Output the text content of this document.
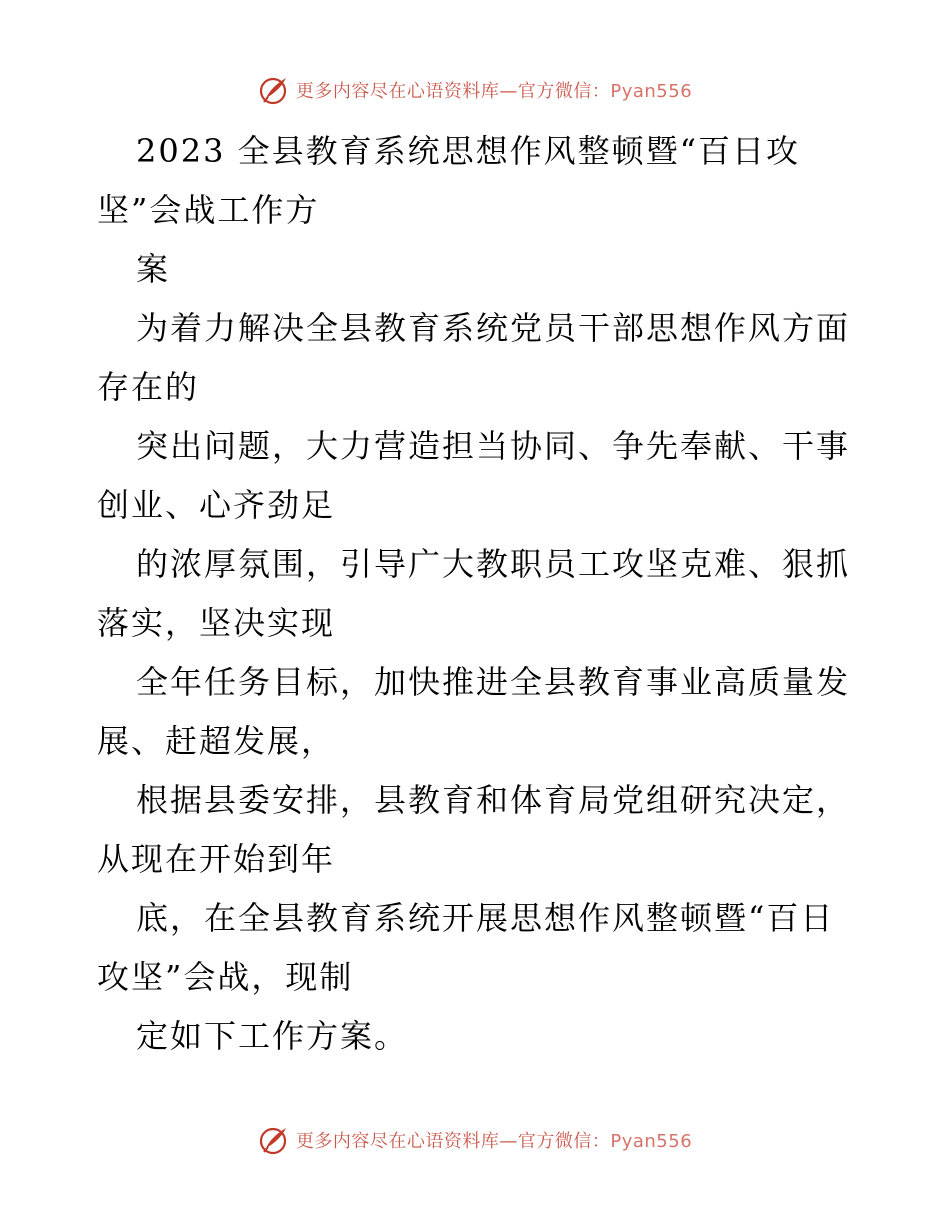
更多内容尽在心语资料库—官方微信：Pyan556
2023 全县教育系统思想作风整顿暨“百日攻
坚”会战工作方
案
为着力解决全县教育系统党员干部思想作风方面
存在的
突出问题，大力营造担当协同、争先奉献、干事
创业、心齐劲足
的浓厚氛围，引导广大教职员工攻坚克难、狠抓
落实，坚决实现
全年任务目标，加快推进全县教育事业高质量发
展、赶超发展，
根据县委安排，县教育和体育局党组研究决定，
从现在开始到年
底，在全县教育系统开展思想作风整顿暨“百日
攻坚”会战，现制
定如下工作方案。
更多内容尽在心语资料库—官方微信：Pyan556
